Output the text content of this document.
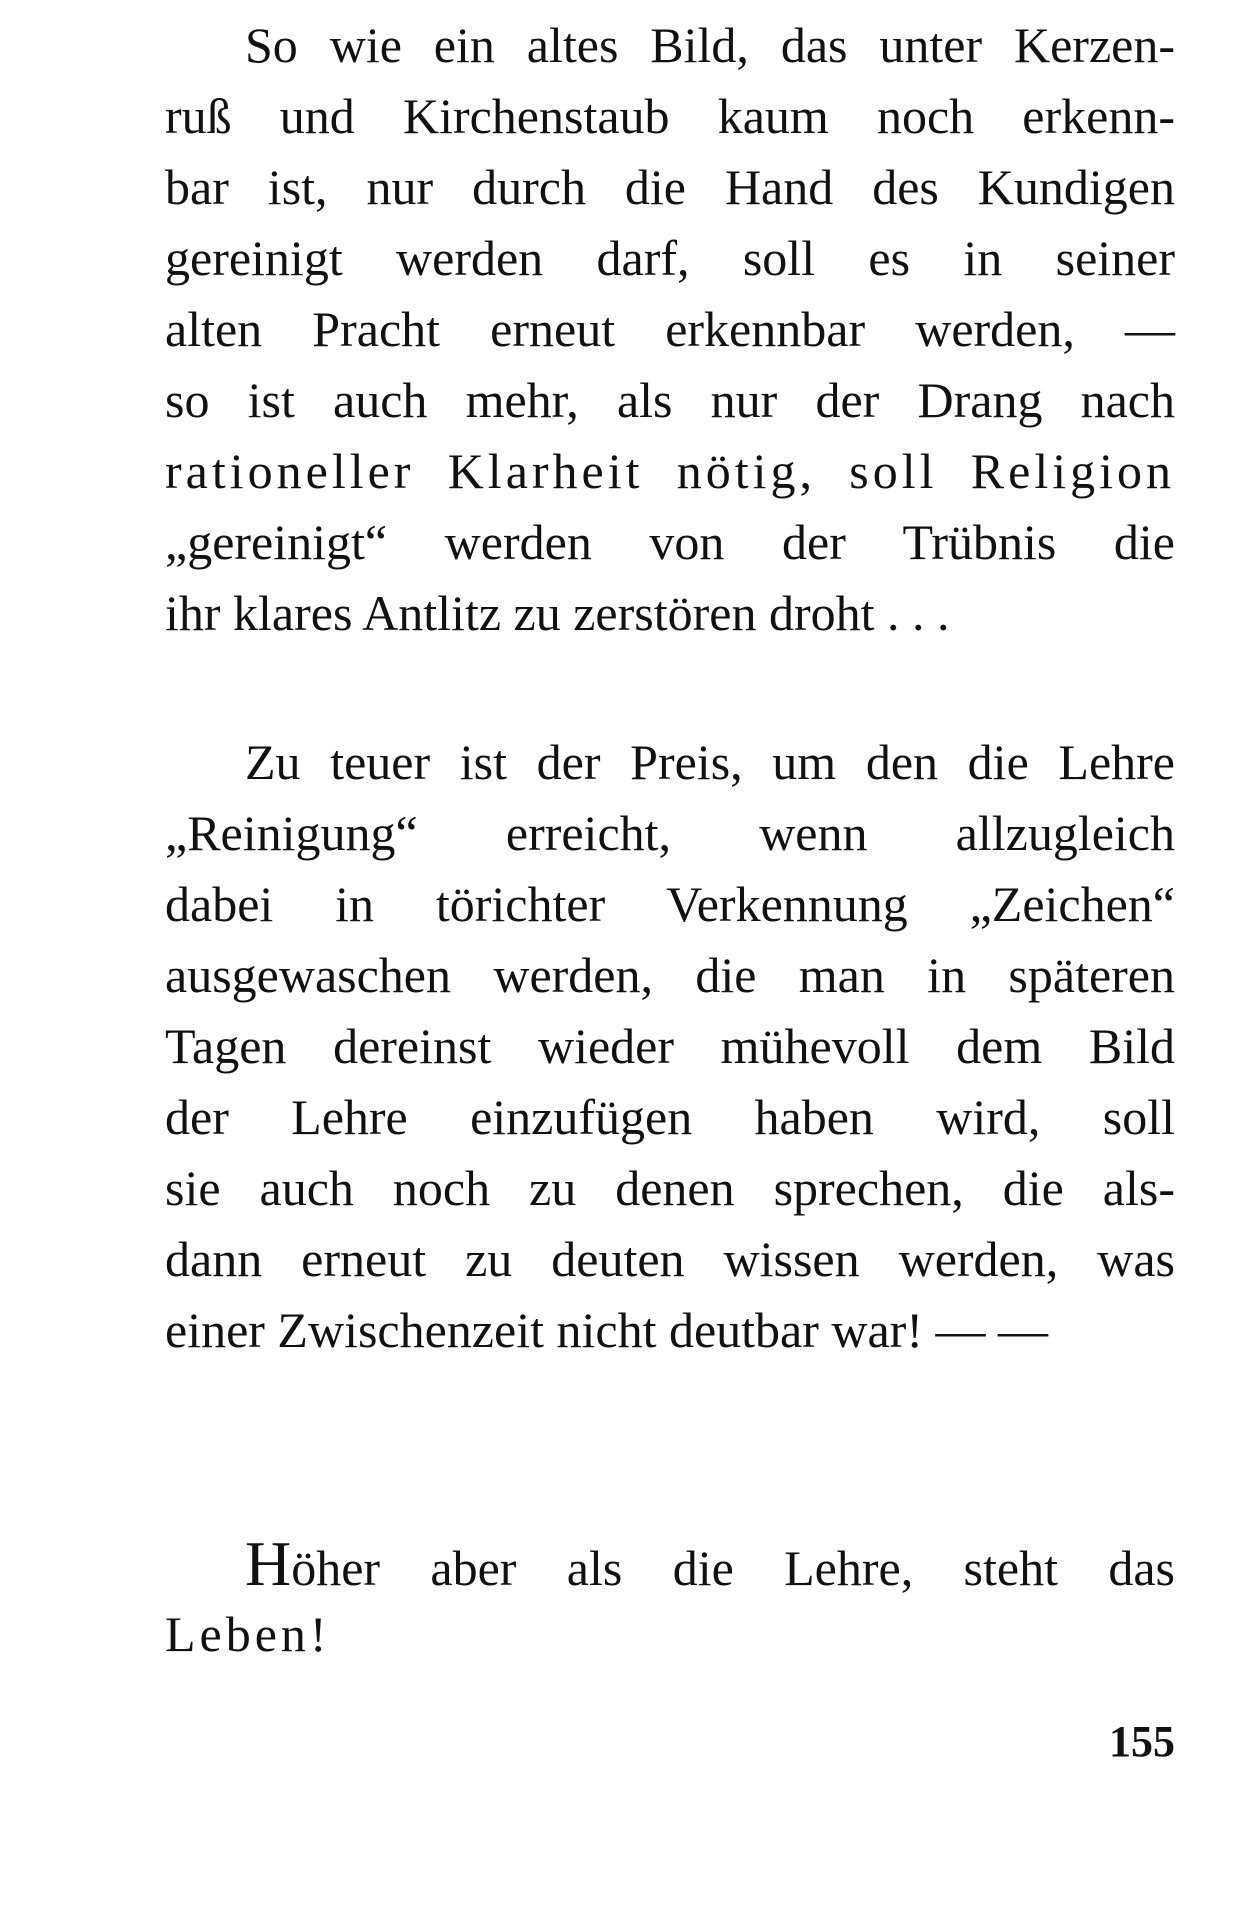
So wie ein altes Bild, das unter Kerzen-
ruß und Kirchenstaub kaum noch erkenn-
bar ist, nur durch die Hand des Kundigen
gereinigt werden darf, soll es in seiner
alten Pracht erneut erkennbar werden, —
so ist auch mehr, als nur der Drang nach
rationeller Klarheit nötig, soll Religion
„gereinigt“ werden von der Trübnis die
ihr klares Antlitz zu zerstören droht . . .
Zu teuer ist der Preis, um den die Lehre
„Reinigung“ erreicht, wenn allzugleich
dabei in törichter Verkennung „Zeichen“
ausgewaschen werden, die man in späteren
Tagen dereinst wieder mühevoll dem Bild
der Lehre einzufügen haben wird, soll
sie auch noch zu denen sprechen, die als-
dann erneut zu deuten wissen werden, was
einer Zwischenzeit nicht deutbar war! — —
Höher aber als die Lehre, steht das
Leben!
155
